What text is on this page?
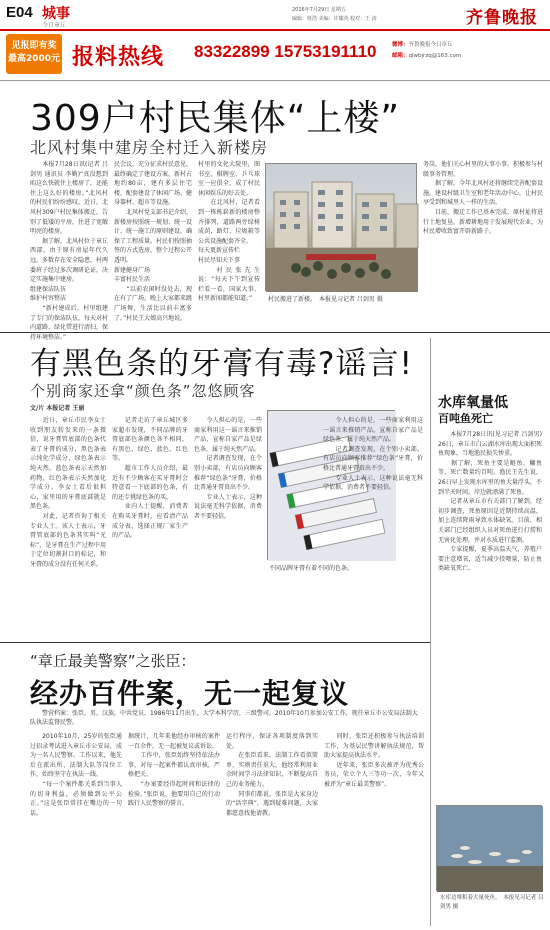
E04 城事
今日章丘
2016年7月29日 星期五
编辑：班浩 美编：许耀英 校对：王 涛	齐鲁晚报
见报即有奖
最高2000元 报料热线 83322899 15753191110	微博：齐鲁晚报今日章丘
邮箱：qlwbjrzq@163.com
309户村民集体“上楼”
北风村集中建房全村迁入新楼房
　　本报7月28日讯(记者 吕剑男 通讯员 李勤)“真没想到咱这么快就住上楼房了，还能住上这么好的楼房。”北风村的村民们纷纷感叹。近日，北风村309户村民集体搬迁，告别了低矮的平房，住进了宽敞明亮的楼房。
　　据了解，北风村位于章丘西部，由于原有房屋年代久远，多数存在安全隐患，村两委班子经过多次调研论证，决定实施集中建房。
组建保洁队伍
维护村容整洁
　　“新村建成后，村里组建了专门的保洁队伍，每天对村内道路、绿化带进行清扫，保持环境整洁。”
民会议，充分征求村民意见，最终确定了建设方案。新村占地约80亩，建有多层住宅楼，配套建设了休闲广场、健身器材、超市等设施。
　　北风村党支部书记介绍，新楼房按照统一规划、统一设计、统一施工的原则建设，确保了工程质量。村民们按照抽签的方式选房，整个过程公开透明。
新建健身广场
丰富村民生活
　　“以前农闲时没处去，现在有了广场，晚上大家都来跳广场舞，生活比以前丰富多了。”村民王大娘高兴地说。
村里的文化大院里，图书室、棋牌室、乒乓球室一应俱全，成了村民休闲娱乐的好去处。
　　在北风村，记者看到一栋栋崭新的楼房整齐排列，道路两旁绿树成荫，路灯、垃圾箱等公共设施配套齐全。
每天更新宣传栏
村民尽知天下事
　　村民张先生说：“每天下午到宣传栏看一看，国家大事、村里新闻都能知道。”	村民搬进了新楼。　本报见习记者 吕剑男 摄
务岗，他们关心村里的大事小事，积极参与村级事务管理。
　　据了解，今年北风村还将继续完善配套设施，建设村级卫生室和老年活动中心，让村民享受到和城里人一样的生活。
　　目前，搬迁工作已基本完成，原村址将进行土地复垦，新增耕地用于发展现代农业，为村民增收致富开辟新路子。
有黑色条的牙膏有毒?谣言!
个别商家还拿“颜色条”忽悠顾客
文/片 本报记者 王丽
　　近日，章丘市民李女士收到朋友转发来的一条微信，说牙膏管底部的色条代表了牙膏的成分，黑色条表示纯化学成分，绿色条表示纯天然，蓝色条表示天然加药物，红色条表示天然加化学成分。李女士看后很担心，家里用的牙膏底部就是黑色条。
　　对此，记者咨询了相关专业人士。该人士表示，牙膏管底部的色条其实叫“光标”，是牙膏在生产过程中用于定位切割封口的标记，和牙膏的成分没有任何关系。
　　记者走访了章丘城区多家超市发现，不同品牌的牙膏底部色条颜色各不相同，有黑色、绿色、蓝色、红色等。
　　超市工作人员介绍，最近有不少顾客在买牙膏时会特意看一下底部的色条，有的还专挑绿色条的买。
　　业内人士提醒，消费者在购买牙膏时，应看清产品成分表，选择正规厂家生产的产品。
　　令人担心的是，一些商家利用这一谣言来推销产品，宣称自家产品是绿色条，属于纯天然产品。
　　记者调查发现，在个别小卖部，有店员向顾客推荐“绿色条”牙膏，价格比普通牙膏贵出不少。
　　专业人士表示，这种说法毫无科学依据，消费者不要轻信。
不同品牌牙膏有着不同的色条。
　　令人担心的是，一些商家利用这一谣言来推销产品，宣称自家产品是绿色条，属于纯天然产品。
　　记者调查发现，在个别小卖部，有店员向顾客推荐“绿色条”牙膏，价格比普通牙膏贵出不少。
　　专业人士表示，这种说法毫无科学依据，消费者不要轻信。
水库氧量低
百吨鱼死亡
　　本报7月28日讯(见习记者 吕剑男) 26日，章丘市白云湖水库出现大面积死鱼现象，当地渔民损失惨重。
　　据了解，死鱼主要是鲢鱼、鳙鱼等，死亡数量约百吨。渔民王先生说，26日早上发现水库里的鱼大量浮头，不到半天时间，岸边就漂满了死鱼。
　　记者从章丘市有关部门了解到，经初步调查，死鱼原因是近期持续高温，加上连续降雨导致水体缺氧。目前，相关部门已经组织人员对死鱼进行打捞和无害化处理，并对水质进行监测。
　　专家提醒，夏季高温天气，养殖户要注意增氧，适当减少投喂量，防止鱼类缺氧死亡。
水库边堆积着大量死鱼。　本报见习记者 吕剑男 摄
“章丘最美警察”之张臣：
经办百件案，无一起复议
　　警营档案：张臣，男，汉族，中共党员，1986年11月出生，大学本科学历，三级警司。2010年10月参加公安工作，现任章丘市公安局法制大队执法监督民警。
　　2010年10月，25岁的张臣通过招录考试进入章丘市公安局，成为一名人民警察。工作以来，他先后在派出所、法制大队等岗位工作，始终坚守在执法一线。
　　“每一个案件都关系到当事人的切身利益，必须做到公平公正。”这是张臣常挂在嘴边的一句话。
据统计，几年来他经办审核的案件一百余件，无一起被复议或诉讼。
　　工作中，张臣始终坚持依法办事，对每一起案件都认真审核，严格把关。
　　“办案要经得起时间和法律的检验。”张臣说，他要用自己的行动践行人民警察的誓言。
运行程序，保证各项制度落到实处。
　　在张臣看来，法制工作看似简单，实则责任重大。他经常利用业余时间学习法律知识，不断提高自己的业务能力。
　　同事们都说，张臣是大家身边的“活字典”，遇到疑难问题，大家都愿意找他请教。
　　同时，张臣还积极参与执法培训工作，为基层民警讲解执法规范，帮助大家提高执法水平。
　　近年来，张臣多次被评为优秀公务员，荣立个人三等功一次，今年又被评为“章丘最美警察”。
